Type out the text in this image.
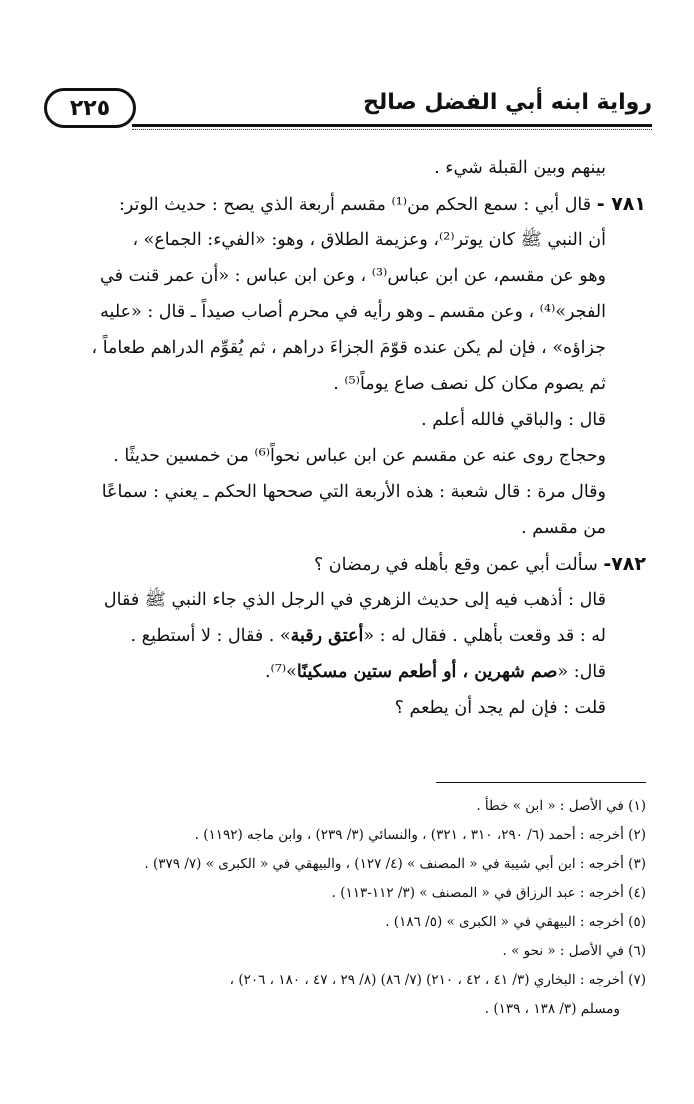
٢٢٥	رواية ابنه أبي الفضل صالح
بينهم وبين القبلة شيء .
٧٨١ - قال أبي : سمع الحكم من⁽¹⁾ مقسم أربعة الذي يصح : حديث الوتر:
أن النبي ﷺ كان يوتر⁽²⁾، وعزيمة الطلاق ، وهو: «الفيء: الجماع» ،
وهو عن مقسم، عن ابن عباس⁽³⁾ ، وعن ابن عباس : «أن عمر قنت في
الفجر»⁽⁴⁾ ، وعن مقسم ـ وهو رأيه في محرم أصاب صيداً ـ قال : «عليه
جزاؤه» ، فإن لم يكن عنده قوّمَ الجزاءَ دراهم ، ثم يُقوِّم الدراهم طعاماً ،
ثم يصوم مكان كل نصف صاع يوماً⁽⁵⁾ .
قال : والباقي فالله أعلم .
وحجاج روى عنه عن مقسم عن ابن عباس نحواً⁽⁶⁾ من خمسين حديثًا .
وقال مرة : قال شعبة : هذه الأربعة التي صححها الحكم ـ يعني : سماعًا
من مقسم .
٧٨٢- سألت أبي عمن وقع بأهله في رمضان ؟
قال : أذهب فيه إلى حديث الزهري في الرجل الذي جاء النبي ﷺ فقال
له : قد وقعت بأهلي . فقال له : «أعتق رقبة» . فقال : لا أستطيع .
قال: «صم شهرين ، أو أطعم ستين مسكينًا»⁽⁷⁾.
قلت : فإن لم يجد أن يطعم ؟
(١) في الأصل : « ابن » خطأ .
(٢) أخرجه : أحمد (٦/ ٢٩٠، ٣١٠ ، ٣٢١) ، والنسائي (٣/ ٢٣٩) ، وابن ماجه (١١٩٢) .
(٣) أخرجه : ابن أبي شيبة في « المصنف » (٤/ ١٢٧) ، والبيهقي في « الكبرى » (٧/ ٣٧٩) .
(٤) أخرجه : عبد الرزاق في « المصنف » (٣/ ١١٢-١١٣) .
(٥) أخرجه : البيهقي في « الكبرى » (٥/ ١٨٦) .
(٦) في الأصل : « نحو » .
(٧) أخرجه : البخاري (٣/ ٤١ ، ٤٢ ، ٢١٠) (٧/ ٨٦) (٨/ ٢٩ ، ٤٧ ، ١٨٠ ، ٢٠٦) ،
ومسلم (٣/ ١٣٨ ، ١٣٩) .
